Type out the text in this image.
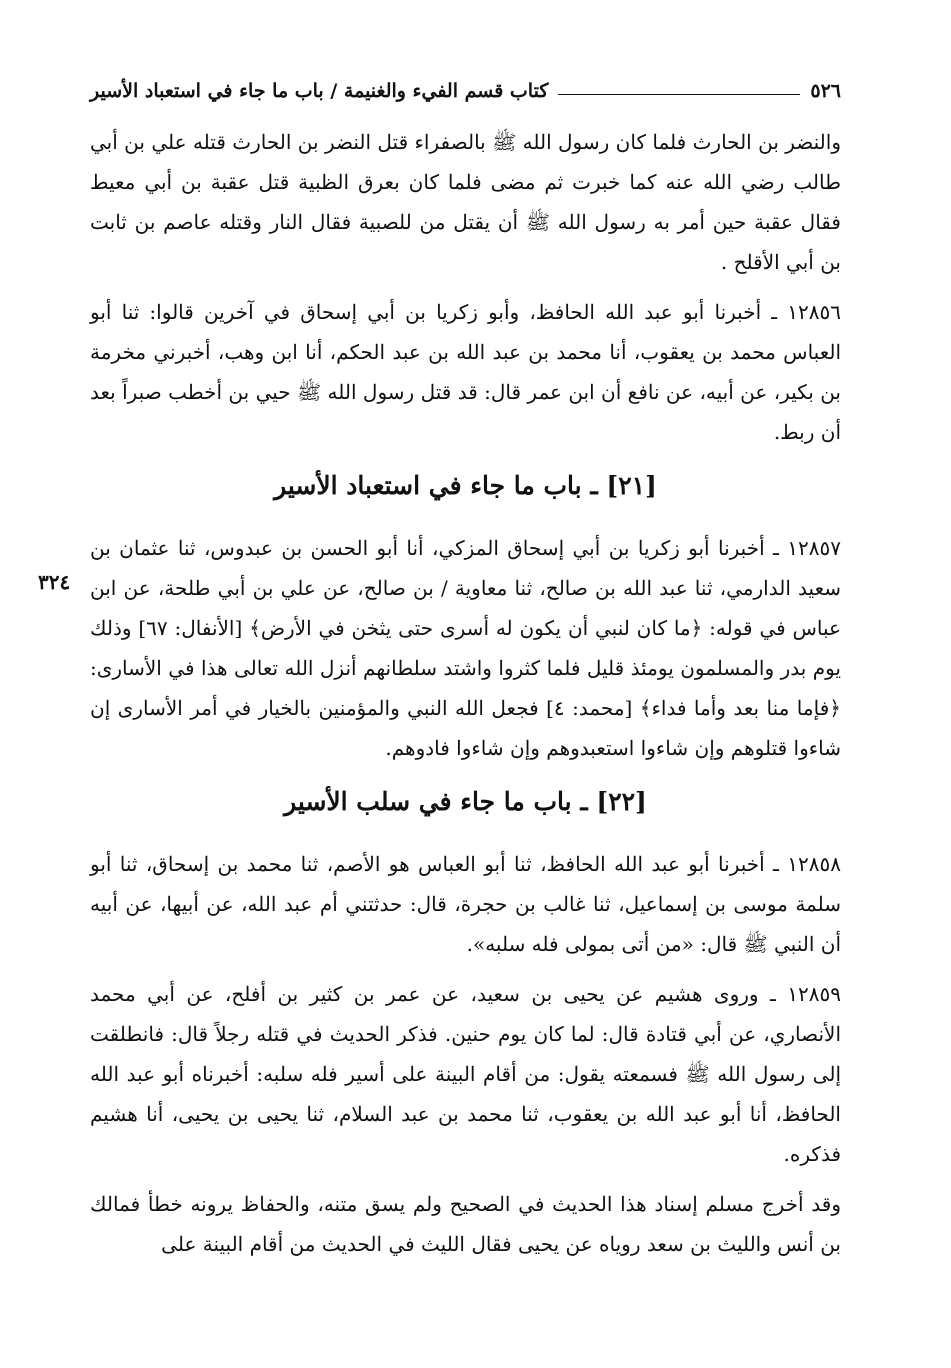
٥٢٦
كتاب قسم الفيء والغنيمة / باب ما جاء في استعباد الأسير
٣٢٤

والنضر بن الحارث فلما كان رسول الله ﷺ بالصفراء قتل النضر بن الحارث قتله علي بن أبي طالب رضي الله عنه كما خبرت ثم مضى فلما كان بعرق الظبية قتل عقبة بن أبي معيط فقال عقبة حين أمر به رسول الله ﷺ أن يقتل من للصبية فقال النار وقتله عاصم بن ثابت بن أبي الأقلح .

١٢٨٥٦ ـ أخبرنا أبو عبد الله الحافظ، وأبو زكريا بن أبي إسحاق في آخرين قالوا: ثنا أبو العباس محمد بن يعقوب، أنا محمد بن عبد الله بن عبد الحكم، أنا ابن وهب، أخبرني مخرمة بن بكير، عن أبيه، عن نافع أن ابن عمر قال: قد قتل رسول الله ﷺ حيي بن أخطب صبراً بعد أن ربط.

[٢١] ـ باب ما جاء في استعباد الأسير

١٢٨٥٧ ـ أخبرنا أبو زكريا بن أبي إسحاق المزكي، أنا أبو الحسن بن عبدوس، ثنا عثمان بن سعيد الدارمي، ثنا عبد الله بن صالح، ثنا معاوية / بن صالح، عن علي بن أبي طلحة، عن ابن عباس في قوله: ﴿ما كان لنبي أن يكون له أسرى حتى يثخن في الأرض﴾ [الأنفال: ٦٧] وذلك يوم بدر والمسلمون يومئذ قليل فلما كثروا واشتد سلطانهم أنزل الله تعالى هذا في الأسارى: ﴿فإما منا بعد وأما فداء﴾ [محمد: ٤] فجعل الله النبي والمؤمنين بالخيار في أمر الأسارى إن شاءوا قتلوهم وإن شاءوا استعبدوهم وإن شاءوا فادوهم.

[٢٢] ـ باب ما جاء في سلب الأسير

١٢٨٥٨ ـ أخبرنا أبو عبد الله الحافظ، ثنا أبو العباس هو الأصم، ثنا محمد بن إسحاق، ثنا أبو سلمة موسى بن إسماعيل، ثنا غالب بن حجرة، قال: حدثتني أم عبد الله، عن أبيها، عن أبيه أن النبي ﷺ قال: «من أتى بمولى فله سلبه».

١٢٨٥٩ ـ وروى هشيم عن يحيى بن سعيد، عن عمر بن كثير بن أفلح، عن أبي محمد الأنصاري، عن أبي قتادة قال: لما كان يوم حنين. فذكر الحديث في قتله رجلاً قال: فانطلقت إلى رسول الله ﷺ فسمعته يقول: من أقام البينة على أسير فله سلبه: أخبرناه أبو عبد الله الحافظ، أنا أبو عبد الله بن يعقوب، ثنا محمد بن عبد السلام، ثنا يحيى بن يحيى، أنا هشيم فذكره.

وقد أخرج مسلم إسناد هذا الحديث في الصحيح ولم يسق متنه، والحفاظ يرونه خطأ فمالك بن أنس والليث بن سعد روياه عن يحيى فقال الليث في الحديث من أقام البينة على
